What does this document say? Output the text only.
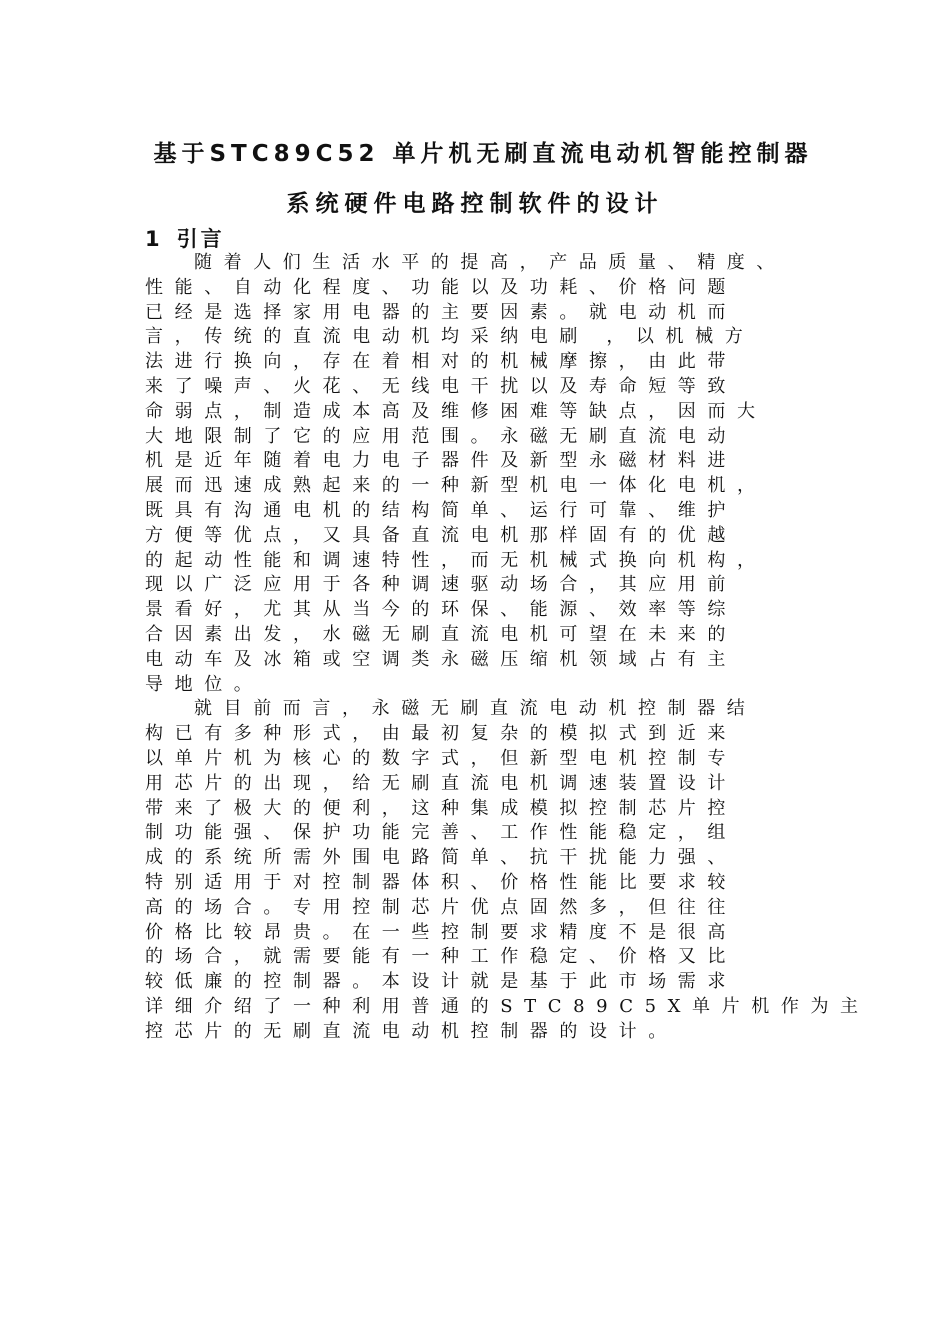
基于STC89C52 单片机无刷直流电动机智能控制器
系统硬件电路控制软件的设计
1 引言

随着人们生活水平的提高，产品质量、精度、

性能、自动化程度、功能以及功耗、价格问题

已经是选择家用电器的主要因素。就电动机而

言，传统的直流电动机均采纳电刷 ，以机械方

法进行换向，存在着相对的机械摩擦，由此带

来了噪声、火花、无线电干扰以及寿命短等致

命弱点，制造成本高及维修困难等缺点，因而大

大地限制了它的应用范围。永磁无刷直流电动

机是近年随着电力电子器件及新型永磁材料进

展而迅速成熟起来的一种新型机电一体化电机，

既具有沟通电机的结构简单、运行可靠、维护

方便等优点，又具备直流电机那样固有的优越

的起动性能和调速特性，而无机械式换向机构，

现以广泛应用于各种调速驱动场合，其应用前

景看好，尤其从当今的环保、能源、效率等综

合因素出发，水磁无刷直流电机可望在未来的

电动车及冰箱或空调类永磁压缩机领域占有主

导地位。

就目前而言，永磁无刷直流电动机控制器结

构已有多种形式，由最初复杂的模拟式到近来

以单片机为核心的数字式，但新型电机控制专

用芯片的出现，给无刷直流电机调速装置设计

带来了极大的便利，这种集成模拟控制芯片控

制功能强、保护功能完善、工作性能稳定，组

成的系统所需外围电路简单、抗干扰能力强、

特别适用于对控制器体积、价格性能比要求较

高的场合。专用控制芯片优点固然多，但往往

价格比较昂贵。在一些控制要求精度不是很高

的场合，就需要能有一种工作稳定、价格又比

较低廉的控制器。本设计就是基于此市场需求

详细介绍了一种利用普通的STC89C5X单片机作为主

控芯片的无刷直流电动机控制器的设计。
